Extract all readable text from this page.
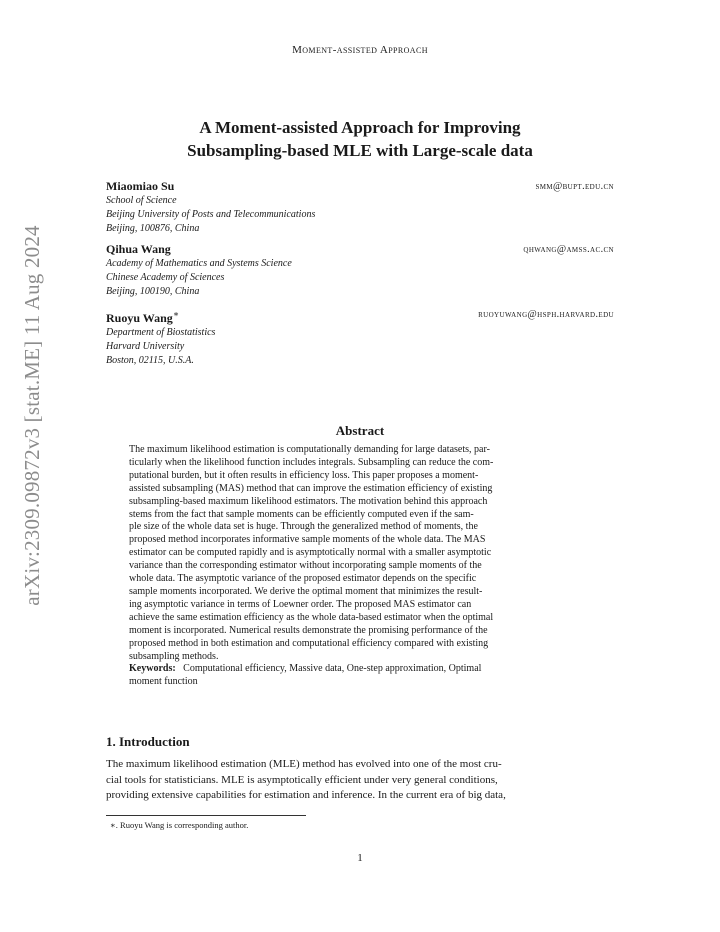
arXiv:2309.09872v3 [stat.ME] 11 Aug 2024
Moment-assisted Approach
A Moment-assisted Approach for Improving
Subsampling-based MLE with Large-scale data
Miaomiao Su	smm@bupt.edu.cn
School of Science
Beijing University of Posts and Telecommunications
Beijing, 100876, China
Qihua Wang	qhwang@amss.ac.cn
Academy of Mathematics and Systems Science
Chinese Academy of Sciences
Beijing, 100190, China
Ruoyu Wang∗	ruoyuwang@hsph.harvard.edu
Department of Biostatistics
Harvard University
Boston, 02115, U.S.A.
Abstract
The maximum likelihood estimation is computationally demanding for large datasets, par-
ticularly when the likelihood function includes integrals. Subsampling can reduce the com-
putational burden, but it often results in efficiency loss. This paper proposes a moment-
assisted subsampling (MAS) method that can improve the estimation efficiency of existing
subsampling-based maximum likelihood estimators. The motivation behind this approach
stems from the fact that sample moments can be efficiently computed even if the sam-
ple size of the whole data set is huge. Through the generalized method of moments, the
proposed method incorporates informative sample moments of the whole data. The MAS
estimator can be computed rapidly and is asymptotically normal with a smaller asymptotic
variance than the corresponding estimator without incorporating sample moments of the
whole data. The asymptotic variance of the proposed estimator depends on the specific
sample moments incorporated. We derive the optimal moment that minimizes the result-
ing asymptotic variance in terms of Loewner order. The proposed MAS estimator can
achieve the same estimation efficiency as the whole data-based estimator when the optimal
moment is incorporated. Numerical results demonstrate the promising performance of the
proposed method in both estimation and computational efficiency compared with existing
subsampling methods.
Keywords: Computational efficiency, Massive data, One-step approximation, Optimal
moment function
1. Introduction
The maximum likelihood estimation (MLE) method has evolved into one of the most cru-
cial tools for statisticians. MLE is asymptotically efficient under very general conditions,
providing extensive capabilities for estimation and inference. In the current era of big data,
∗. Ruoyu Wang is corresponding author.
1
